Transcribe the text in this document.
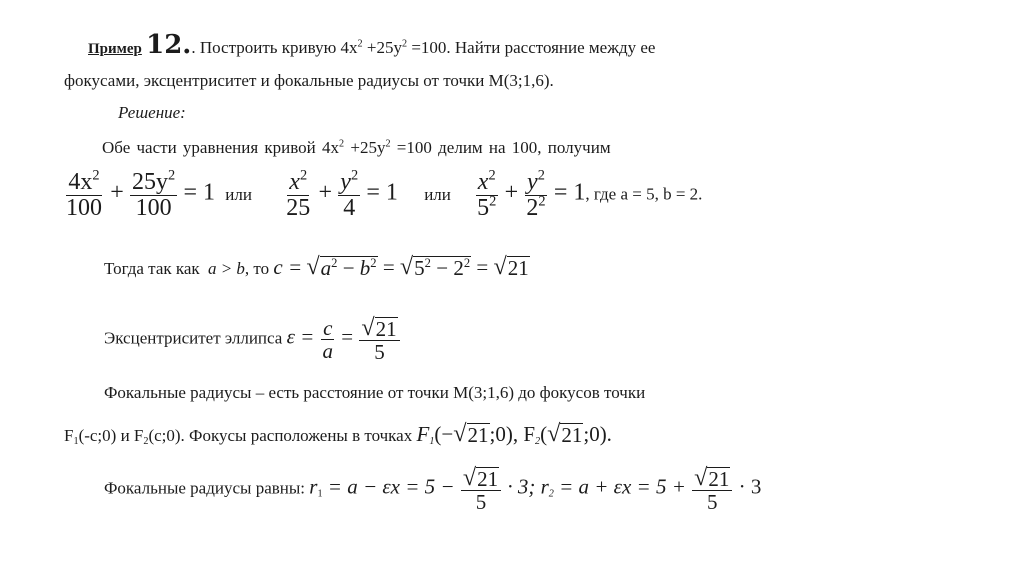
Пример 12.. Построить кривую $4x^2 +25y^2 =100$. Найти расстояние между ее
фокусами, эксцентриситет и фокальные радиусы от точки М(3;1,6).
Решение:
Обе части уравнения кривой $4x^2 +25y^2 =100$ делим на 100, получим
$\frac{4x^2}{100} + \frac{25y^2}{100} = 1$ или $\frac{x^2}{25} + \frac{y^2}{4} = 1$ или $\frac{x^2}{5^2} + \frac{y^2}{2^2} = 1$, где a = 5, b = 2.
Тогда так как a > b, то c = √ $a^2 - b^2$ = √ $5^2 - 2^2$ = √ 21
Эксцентриситет эллипса $\varepsilon = \frac{c}{a} = \frac{√ 21}{5}$
Фокальные радиусы – есть расстояние от точки М(3;1,6) до фокусов точки
$F_1(-c;0)$ и $F_2(c;0)$. Фокусы расположены в точках $F_1(-$ √ 21 ;0), $F_2$( √ 21 ;0).
Фокальные радиусы равны: $r_1 = a - \varepsilon x = 5 - \frac{√ 21}{5} \cdot 3$; $r_2 = a + \varepsilon x = 5 + \frac{√ 21}{5} \cdot 3$
